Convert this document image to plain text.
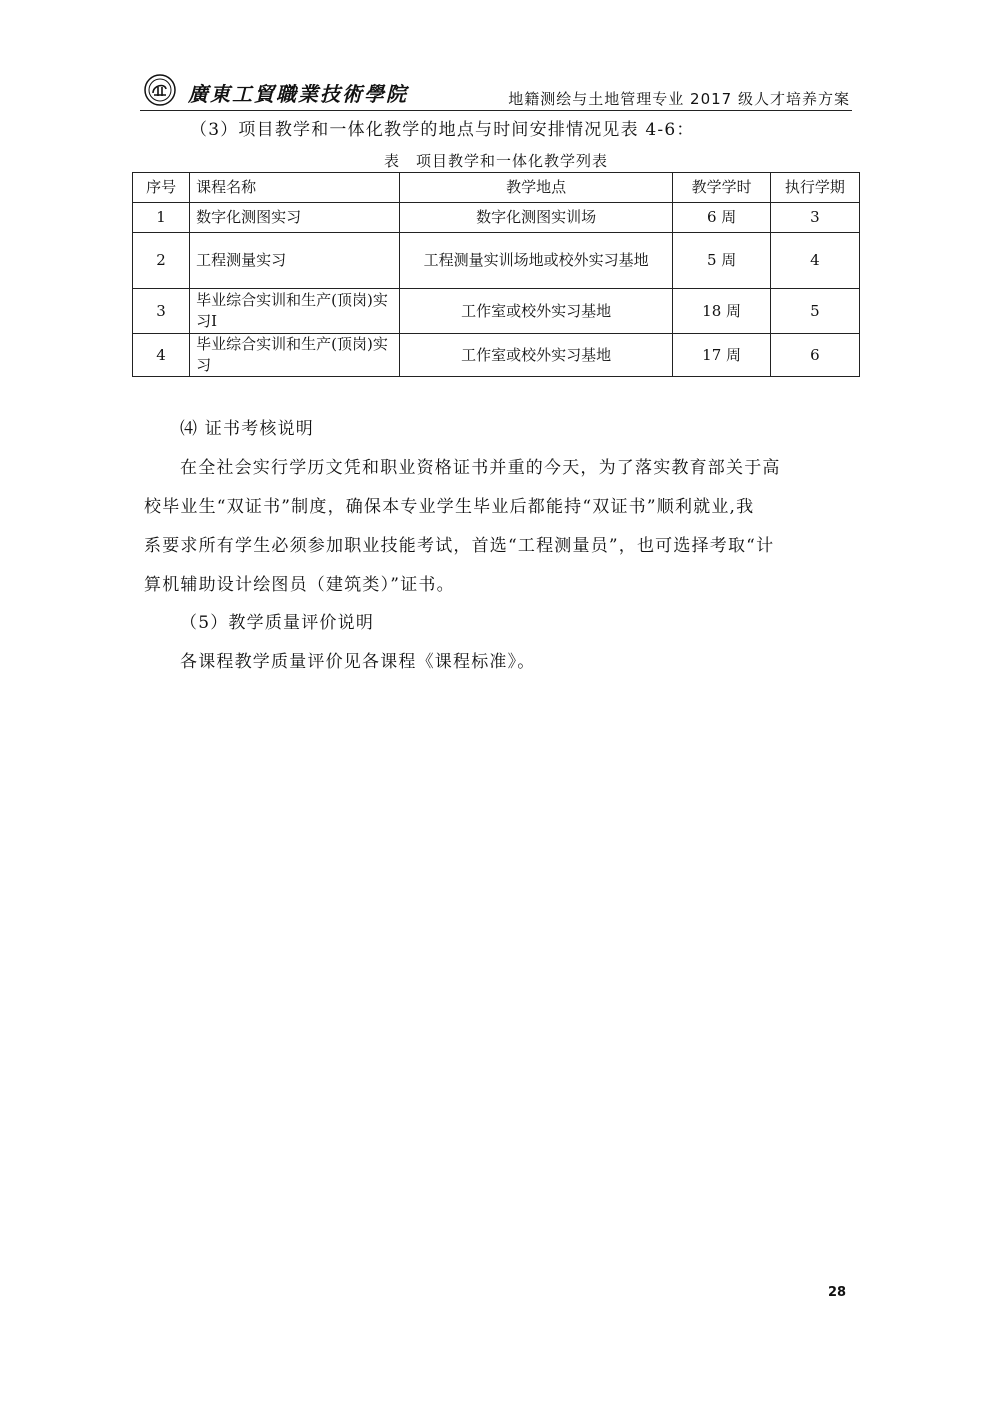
廣東工貿職業技術學院	地籍测绘与土地管理专业 2017 级人才培养方案
（3）项目教学和一体化教学的地点与时间安排情况见表 4-6：
表　项目教学和一体化教学列表
序号	课程名称	教学地点	教学学时	执行学期
1	数字化测图实习	数字化测图实训场	6 周	3
2	工程测量实习	工程测量实训场地或校外实习基地	5 周	4
3	毕业综合实训和生产(顶岗)实习Ⅰ	工作室或校外实习基地	18 周	5
4	毕业综合实训和生产(顶岗)实习	工作室或校外实习基地	17 周	6
⑷ 证书考核说明
在全社会实行学历文凭和职业资格证书并重的今天，为了落实教育部关于高
校毕业生“双证书”制度，确保本专业学生毕业后都能持“双证书”顺利就业,我
系要求所有学生必须参加职业技能考试，首选“工程测量员”，也可选择考取“计
算机辅助设计绘图员（建筑类）”证书。
（5）教学质量评价说明
各课程教学质量评价见各课程《课程标准》。
28
